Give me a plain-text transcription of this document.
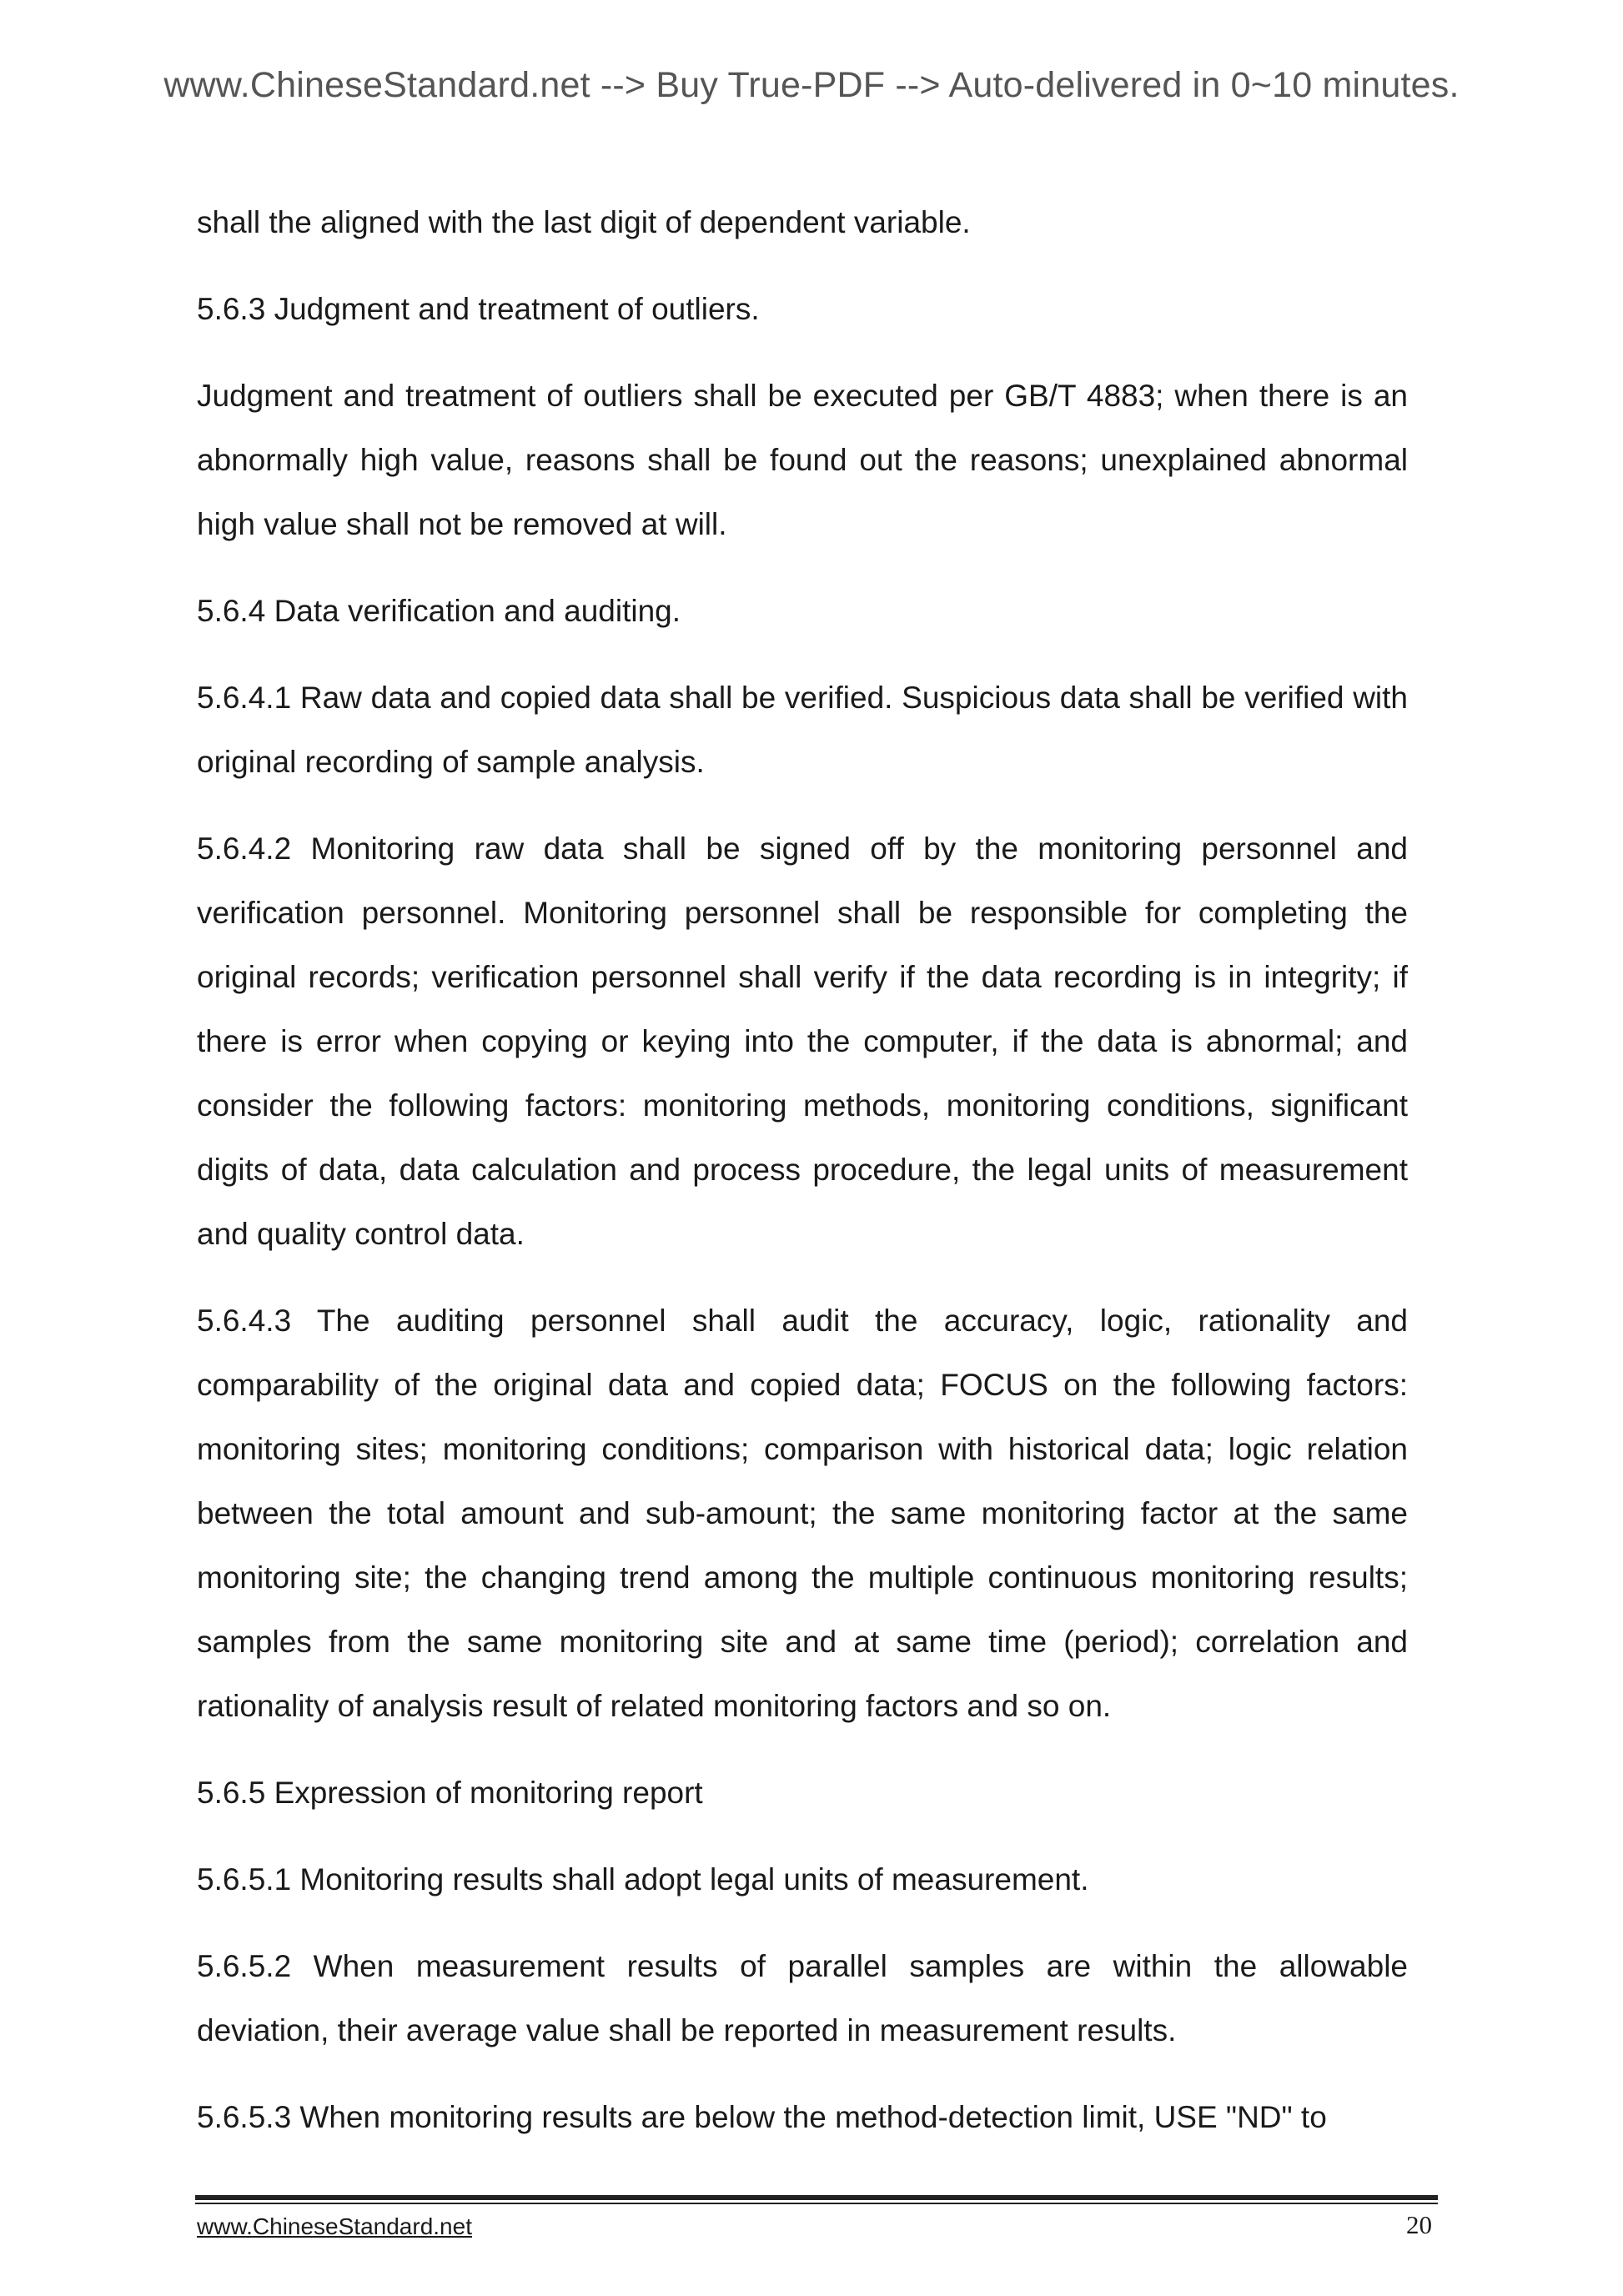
www.ChineseStandard.net --> Buy True-PDF --> Auto-delivered in 0~10 minutes.

shall the aligned with the last digit of dependent variable.

5.6.3 Judgment and treatment of outliers.

Judgment and treatment of outliers shall be executed per GB/T 4883; when there is an abnormally high value, reasons shall be found out the reasons; unexplained abnormal high value shall not be removed at will.

5.6.4 Data verification and auditing.

5.6.4.1 Raw data and copied data shall be verified. Suspicious data shall be verified with original recording of sample analysis.

5.6.4.2 Monitoring raw data shall be signed off by the monitoring personnel and verification personnel. Monitoring personnel shall be responsible for completing the original records; verification personnel shall verify if the data recording is in integrity; if there is error when copying or keying into the computer, if the data is abnormal; and consider the following factors: monitoring methods, monitoring conditions, significant digits of data, data calculation and process procedure, the legal units of measurement and quality control data.

5.6.4.3 The auditing personnel shall audit the accuracy, logic, rationality and comparability of the original data and copied data; FOCUS on the following factors: monitoring sites; monitoring conditions; comparison with historical data; logic relation between the total amount and sub-amount; the same monitoring factor at the same monitoring site; the changing trend among the multiple continuous monitoring results; samples from the same monitoring site and at same time (period); correlation and rationality of analysis result of related monitoring factors and so on.

5.6.5 Expression of monitoring report

5.6.5.1 Monitoring results shall adopt legal units of measurement.

5.6.5.2 When measurement results of parallel samples are within the allowable deviation, their average value shall be reported in measurement results.

5.6.5.3 When monitoring results are below the method-detection limit, USE "ND" to

www.ChineseStandard.net	20
